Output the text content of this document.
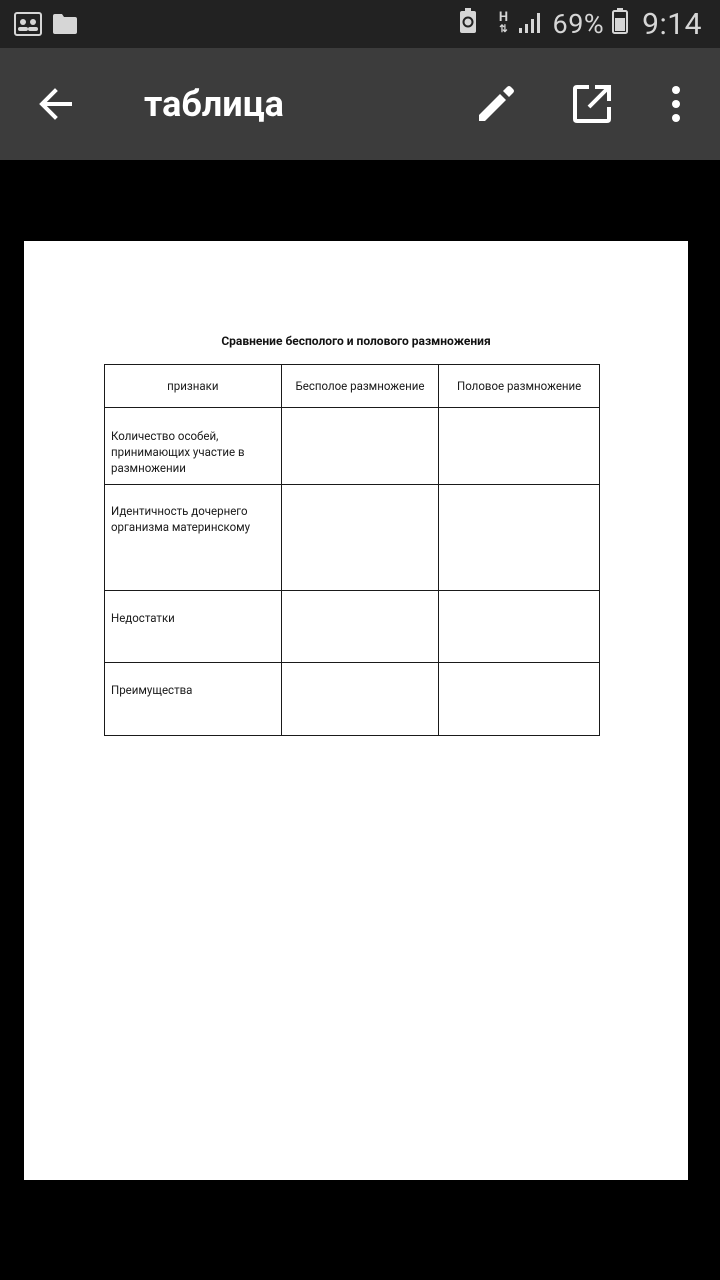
H
⇅ 69% 9:14
таблица
Сравнение бесполого и полового размножения
признаки	Бесполое размножение	Половое размножение
Количество особей, принимающих участие в размножении		
Идентичность дочернего организма материнскому		
Недостатки		
Преимущества		
